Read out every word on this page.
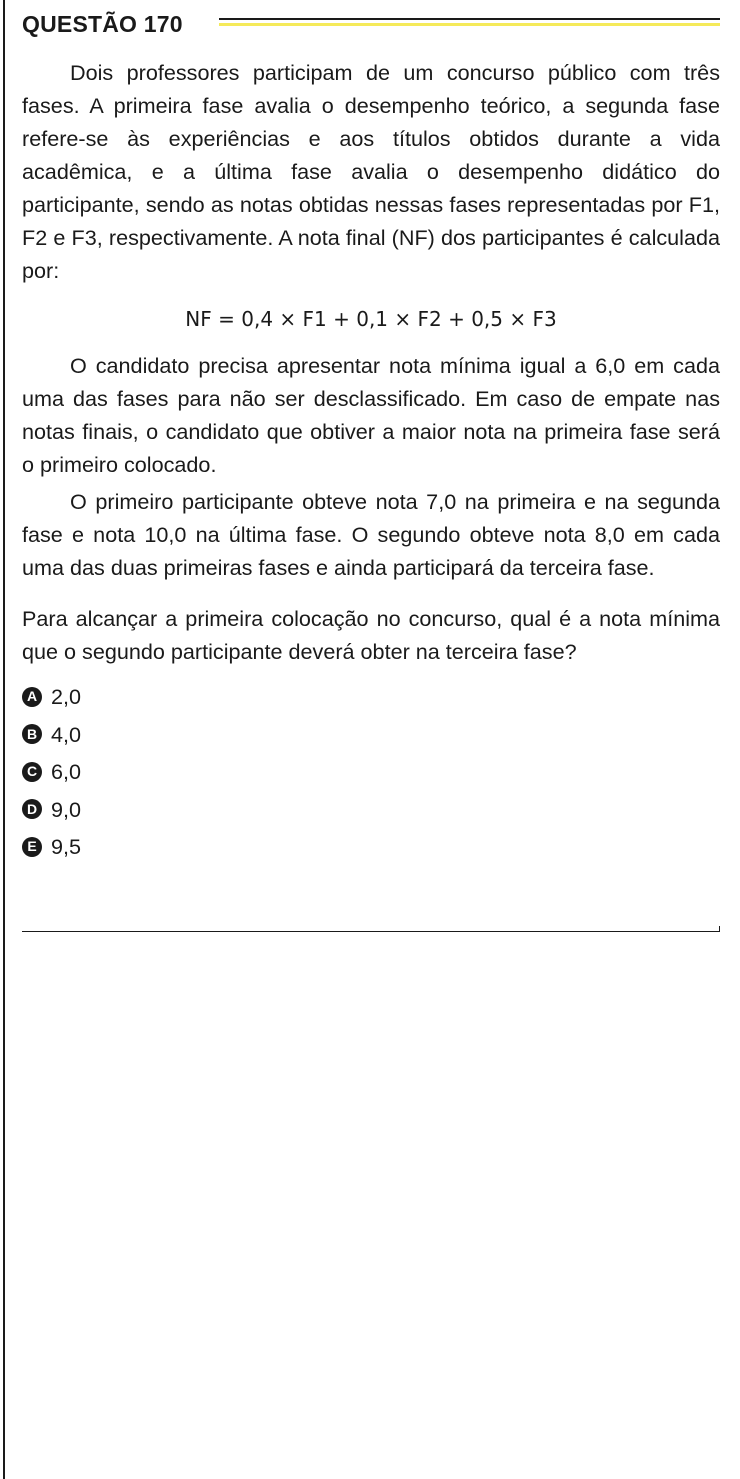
QUESTÃO 170

Dois professores participam de um concurso público com três fases. A primeira fase avalia o desempenho teórico, a segunda fase refere-se às experiências e aos títulos obtidos durante a vida acadêmica, e a última fase avalia o desempenho didático do participante, sendo as notas obtidas nessas fases representadas por F1, F2 e F3, respectivamente. A nota final (NF) dos participantes é calculada por:

NF = 0,4 × F1 + 0,1 × F2 + 0,5 × F3

O candidato precisa apresentar nota mínima igual a 6,0 em cada uma das fases para não ser desclassificado. Em caso de empate nas notas finais, o candidato que obtiver a maior nota na primeira fase será o primeiro colocado.

O primeiro participante obteve nota 7,0 na primeira e na segunda fase e nota 10,0 na última fase. O segundo obteve nota 8,0 em cada uma das duas primeiras fases e ainda participará da terceira fase.

Para alcançar a primeira colocação no concurso, qual é a nota mínima que o segundo participante deverá obter na terceira fase?

A 2,0
B 4,0
C 6,0
D 9,0
E 9,5
